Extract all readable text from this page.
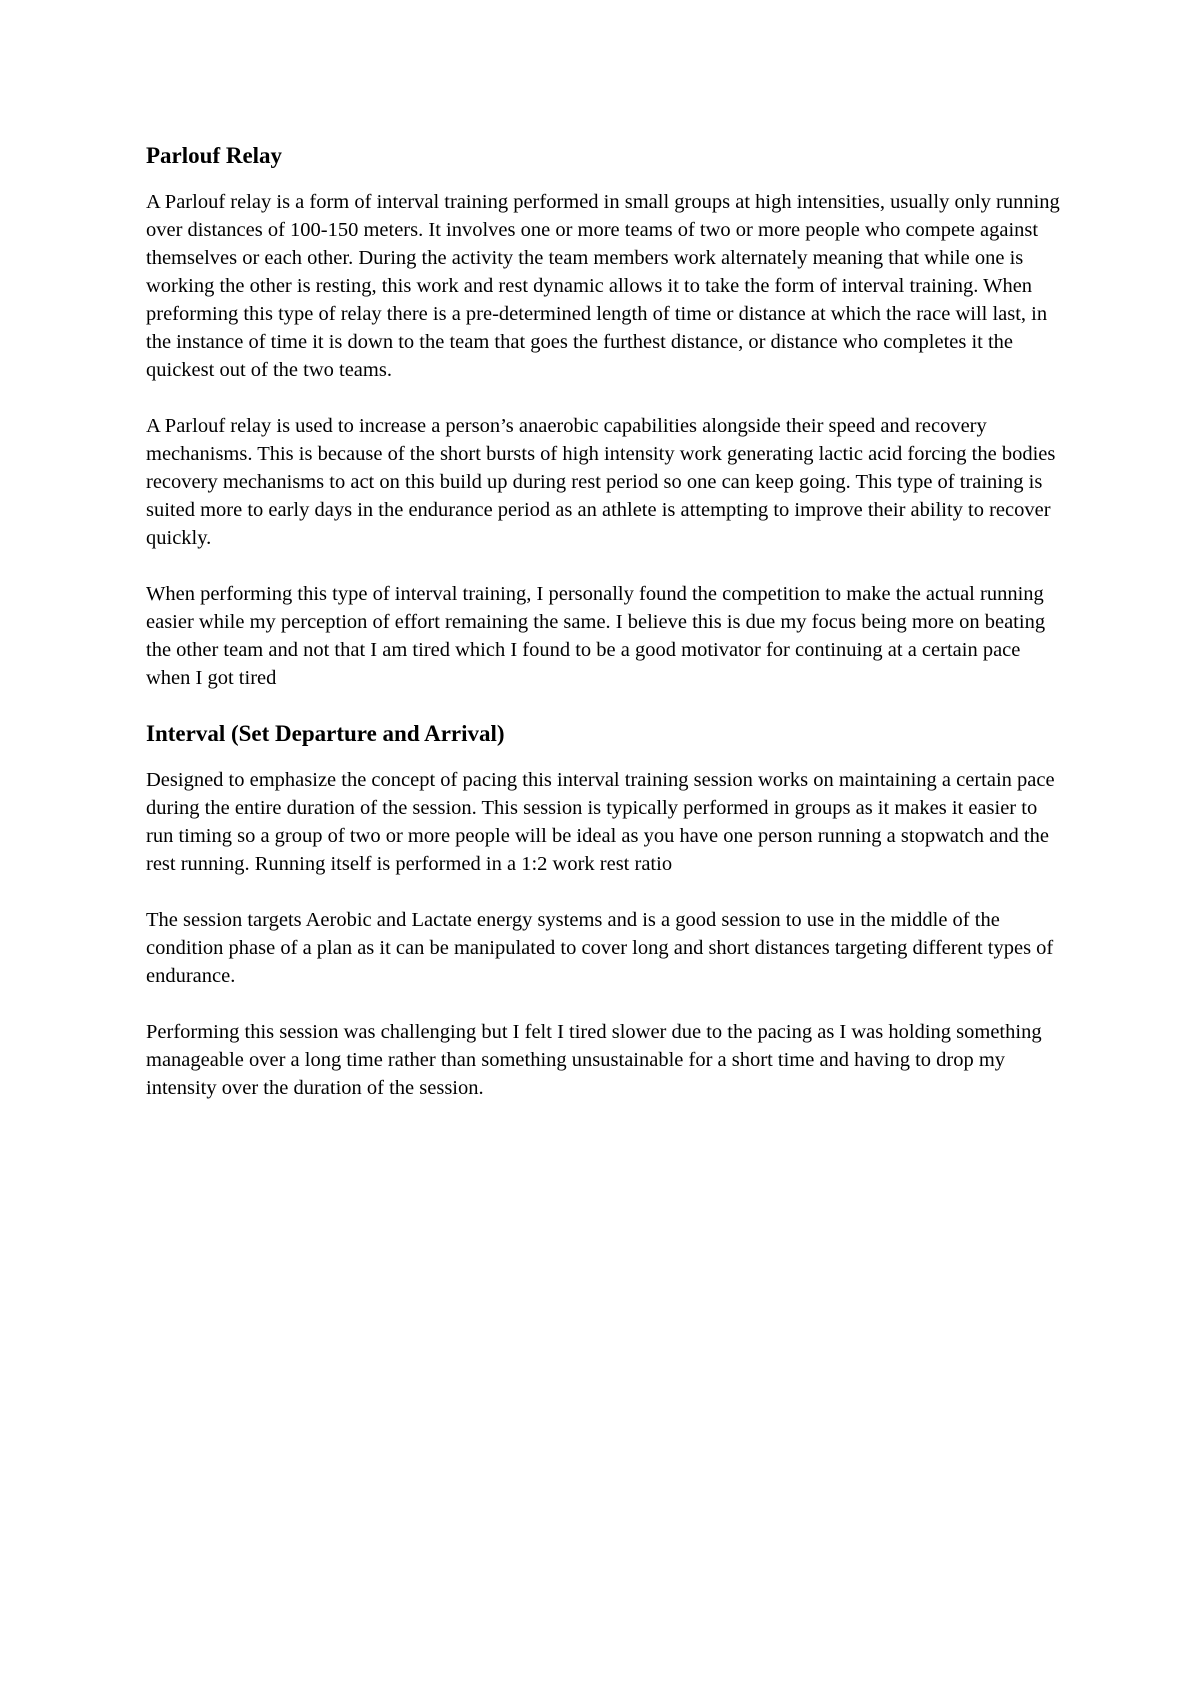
Parlouf Relay

A Parlouf relay is a form of interval training performed in small groups at high intensities, usually only running over distances of 100-150 meters. It involves one or more teams of two or more people who compete against themselves or each other. During the activity the team members work alternately meaning that while one is working the other is resting, this work and rest dynamic allows it to take the form of interval training. When preforming this type of relay there is a pre-determined length of time or distance at which the race will last, in the instance of time it is down to the team that goes the furthest distance, or distance who completes it the quickest out of the two teams.

A Parlouf relay is used to increase a person’s anaerobic capabilities alongside their speed and recovery mechanisms. This is because of the short bursts of high intensity work generating lactic acid forcing the bodies recovery mechanisms to act on this build up during rest period so one can keep going. This type of training is suited more to early days in the endurance period as an athlete is attempting to improve their ability to recover quickly.

When performing this type of interval training, I personally found the competition to make the actual running easier while my perception of effort remaining the same. I believe this is due my focus being more on beating the other team and not that I am tired which I found to be a good motivator for continuing at a certain pace when I got tired

Interval (Set Departure and Arrival)

Designed to emphasize the concept of pacing this interval training session works on maintaining a certain pace during the entire duration of the session. This session is typically performed in groups as it makes it easier to run timing so a group of two or more people will be ideal as you have one person running a stopwatch and the rest running. Running itself is performed in a 1:2 work rest ratio

The session targets Aerobic and Lactate energy systems and is a good session to use in the middle of the condition phase of a plan as it can be manipulated to cover long and short distances targeting different types of endurance.

Performing this session was challenging but I felt I tired slower due to the pacing as I was holding something manageable over a long time rather than something unsustainable for a short time and having to drop my intensity over the duration of the session.
